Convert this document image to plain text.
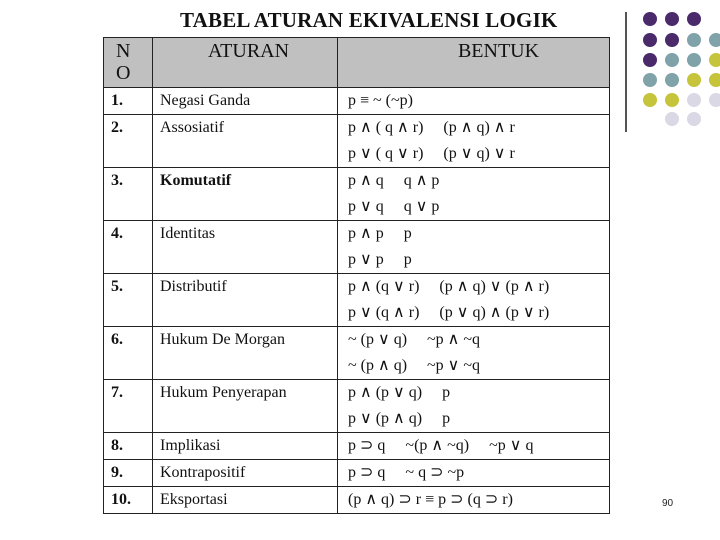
TABEL ATURAN EKIVALENSI LOGIK
N O	ATURAN	BENTUK
1.	Negasi Ganda	p ≡ ~ (~p)

2.	Assosiatif	p ∧ ( q ∧ r)     (p ∧ q) ∧ r
p ∨ ( q ∨ r)     (p ∨ q) ∨ r

3.	Komutatif	p ∧ q     q ∧ p
p ∨ q     q ∨ p

4.	Identitas	p ∧ p     p
p ∨ p     p

5.	Distributif	p ∧ (q ∨ r)     (p ∧ q) ∨ (p ∧ r)
p ∨ (q ∧ r)     (p ∨ q) ∧ (p ∨ r)

6.	Hukum De Morgan	~ (p ∨ q)     ~p ∧ ~q
~ (p ∧ q)     ~p ∨ ~q

7.	Hukum Penyerapan	p ∧ (p ∨ q)     p
p ∨ (p ∧ q)     p

8.	Implikasi	p ⊃ q     ~(p ∧ ~q)     ~p ∨ q

9.	Kontrapositif	p ⊃ q     ~ q ⊃ ~p

10.	Eksportasi	(p ∧ q) ⊃ r ≡ p ⊃ (q ⊃ r)	90
